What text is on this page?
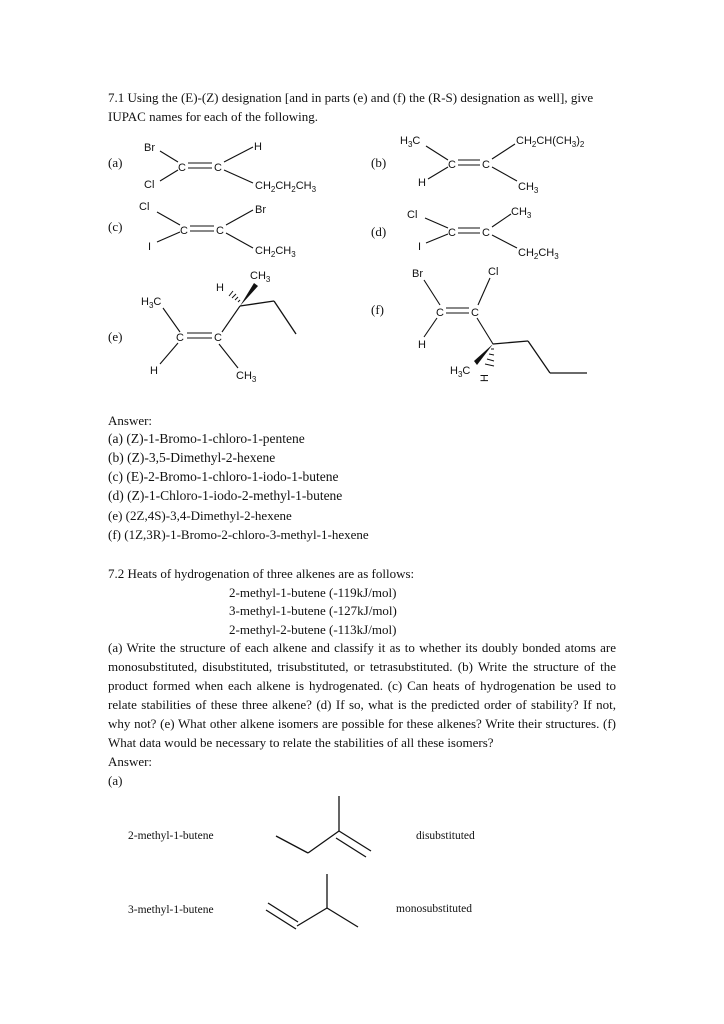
7.1 Using the (E)-(Z) designation [and in parts (e) and (f) the (R-S) designation as well], give
IUPAC names for each of the following.
(a)	(b)
(c)	(d)
(f)
(e)
Br
Cl
C	C
H
$CH_2CH_2CH_3$
$H_3C$
H
C C
$CH_2CH(CH_3)_2$
$CH_3$
Cl
I
C	C
Br
$CH_2CH_3$
Cl
I
C C
$CH_3$
$CH_2CH_3$
$H_3C$
H
C	C
$CH_3$
$CH_3$
H
Br	Cl
C C
H
$H_3C$
H
Answer:
(a) (Z)-1-Bromo-1-chloro-1-pentene
(b) (Z)-3,5-Dimethyl-2-hexene
(c) (E)-2-Bromo-1-chloro-1-iodo-1-butene
(d) (Z)-1-Chloro-1-iodo-2-methyl-1-butene
(e) (2Z,4S)-3,4-Dimethyl-2-hexene
(f) (1Z,3R)-1-Bromo-2-chloro-3-methyl-1-hexene
7.2 Heats of hydrogenation of three alkenes are as follows:
2-methyl-1-butene (-119kJ/mol)
3-methyl-1-butene (-127kJ/mol)
2-methyl-2-butene (-113kJ/mol)
(a) Write the structure of each alkene and classify it as to whether its doubly bonded atoms are monosubstituted, disubstituted, trisubstituted, or tetrasubstituted. (b) Write the structure of the product formed when each alkene is hydrogenated. (c) Can heats of hydrogenation be used to relate stabilities of these three alkene? (d) If so, what is the predicted order of stability? If not, why not? (e) What other alkene isomers are possible for these alkenes? Write their structures. (f) What data would be necessary to relate the stabilities of all these isomers?
Answer:
(a)
2-methyl-1-butene	disubstituted
3-methyl-1-butene	monosubstituted
